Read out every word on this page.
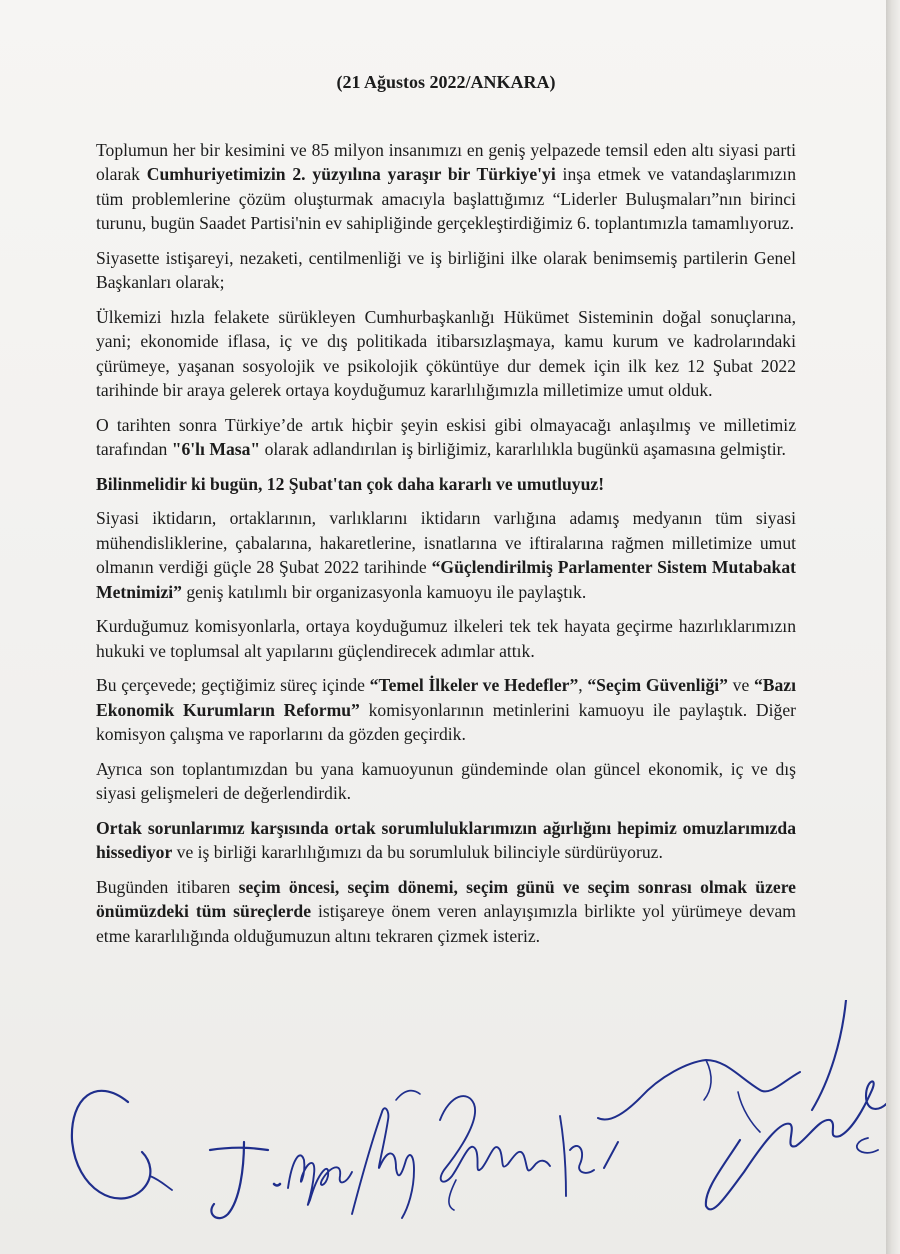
(21 Ağustos 2022/ANKARA)

Toplumun her bir kesimini ve 85 milyon insanımızı en geniş yelpazede temsil eden altı siyasi parti olarak Cumhuriyetimizin 2. yüzyılına yaraşır bir Türkiye'yi inşa etmek ve vatandaşlarımızın tüm problemlerine çözüm oluşturmak amacıyla başlattığımız “Liderler Buluşmaları”nın birinci turunu, bugün Saadet Partisi'nin ev sahipliğinde gerçekleştirdiğimiz 6. toplantımızla tamamlıyoruz.

Siyasette istişareyi, nezaketi, centilmenliği ve iş birliğini ilke olarak benimsemiş partilerin Genel Başkanları olarak;

Ülkemizi hızla felakete sürükleyen Cumhurbaşkanlığı Hükümet Sisteminin doğal sonuçlarına, yani; ekonomide iflasa, iç ve dış politikada itibarsızlaşmaya, kamu kurum ve kadrolarındaki çürümeye, yaşanan sosyolojik ve psikolojik çöküntüye dur demek için ilk kez 12 Şubat 2022 tarihinde bir araya gelerek ortaya koyduğumuz kararlılığımızla milletimize umut olduk.

O tarihten sonra Türkiye’de artık hiçbir şeyin eskisi gibi olmayacağı anlaşılmış ve milletimiz tarafından "6'lı Masa" olarak adlandırılan iş birliğimiz, kararlılıkla bugünkü aşamasına gelmiştir.

Bilinmelidir ki bugün, 12 Şubat'tan çok daha kararlı ve umutluyuz!

Siyasi iktidarın, ortaklarının, varlıklarını iktidarın varlığına adamış medyanın tüm siyasi mühendisliklerine, çabalarına, hakaretlerine, isnatlarına ve iftiralarına rağmen milletimize umut olmanın verdiği güçle 28 Şubat 2022 tarihinde “Güçlendirilmiş Parlamenter Sistem Mutabakat Metnimizi” geniş katılımlı bir organizasyonla kamuoyu ile paylaştık.

Kurduğumuz komisyonlarla, ortaya koyduğumuz ilkeleri tek tek hayata geçirme hazırlıklarımızın hukuki ve toplumsal alt yapılarını güçlendirecek adımlar attık.

Bu çerçevede; geçtiğimiz süreç içinde “Temel İlkeler ve Hedefler”, “Seçim Güvenliği” ve “Bazı Ekonomik Kurumların Reformu” komisyonlarının metinlerini kamuoyu ile paylaştık. Diğer komisyon çalışma ve raporlarını da gözden geçirdik.

Ayrıca son toplantımızdan bu yana kamuoyunun gündeminde olan güncel ekonomik, iç ve dış siyasi gelişmeleri de değerlendirdik.

Ortak sorunlarımız karşısında ortak sorumluluklarımızın ağırlığını hepimiz omuzlarımızda hissediyor ve iş birliği kararlılığımızı da bu sorumluluk bilinciyle sürdürüyoruz.

Bugünden itibaren seçim öncesi, seçim dönemi, seçim günü ve seçim sonrası olmak üzere önümüzdeki tüm süreçlerde istişareye önem veren anlayışımızla birlikte yol yürümeye devam etme kararlılığında olduğumuzun altını tekraren çizmek isteriz.
